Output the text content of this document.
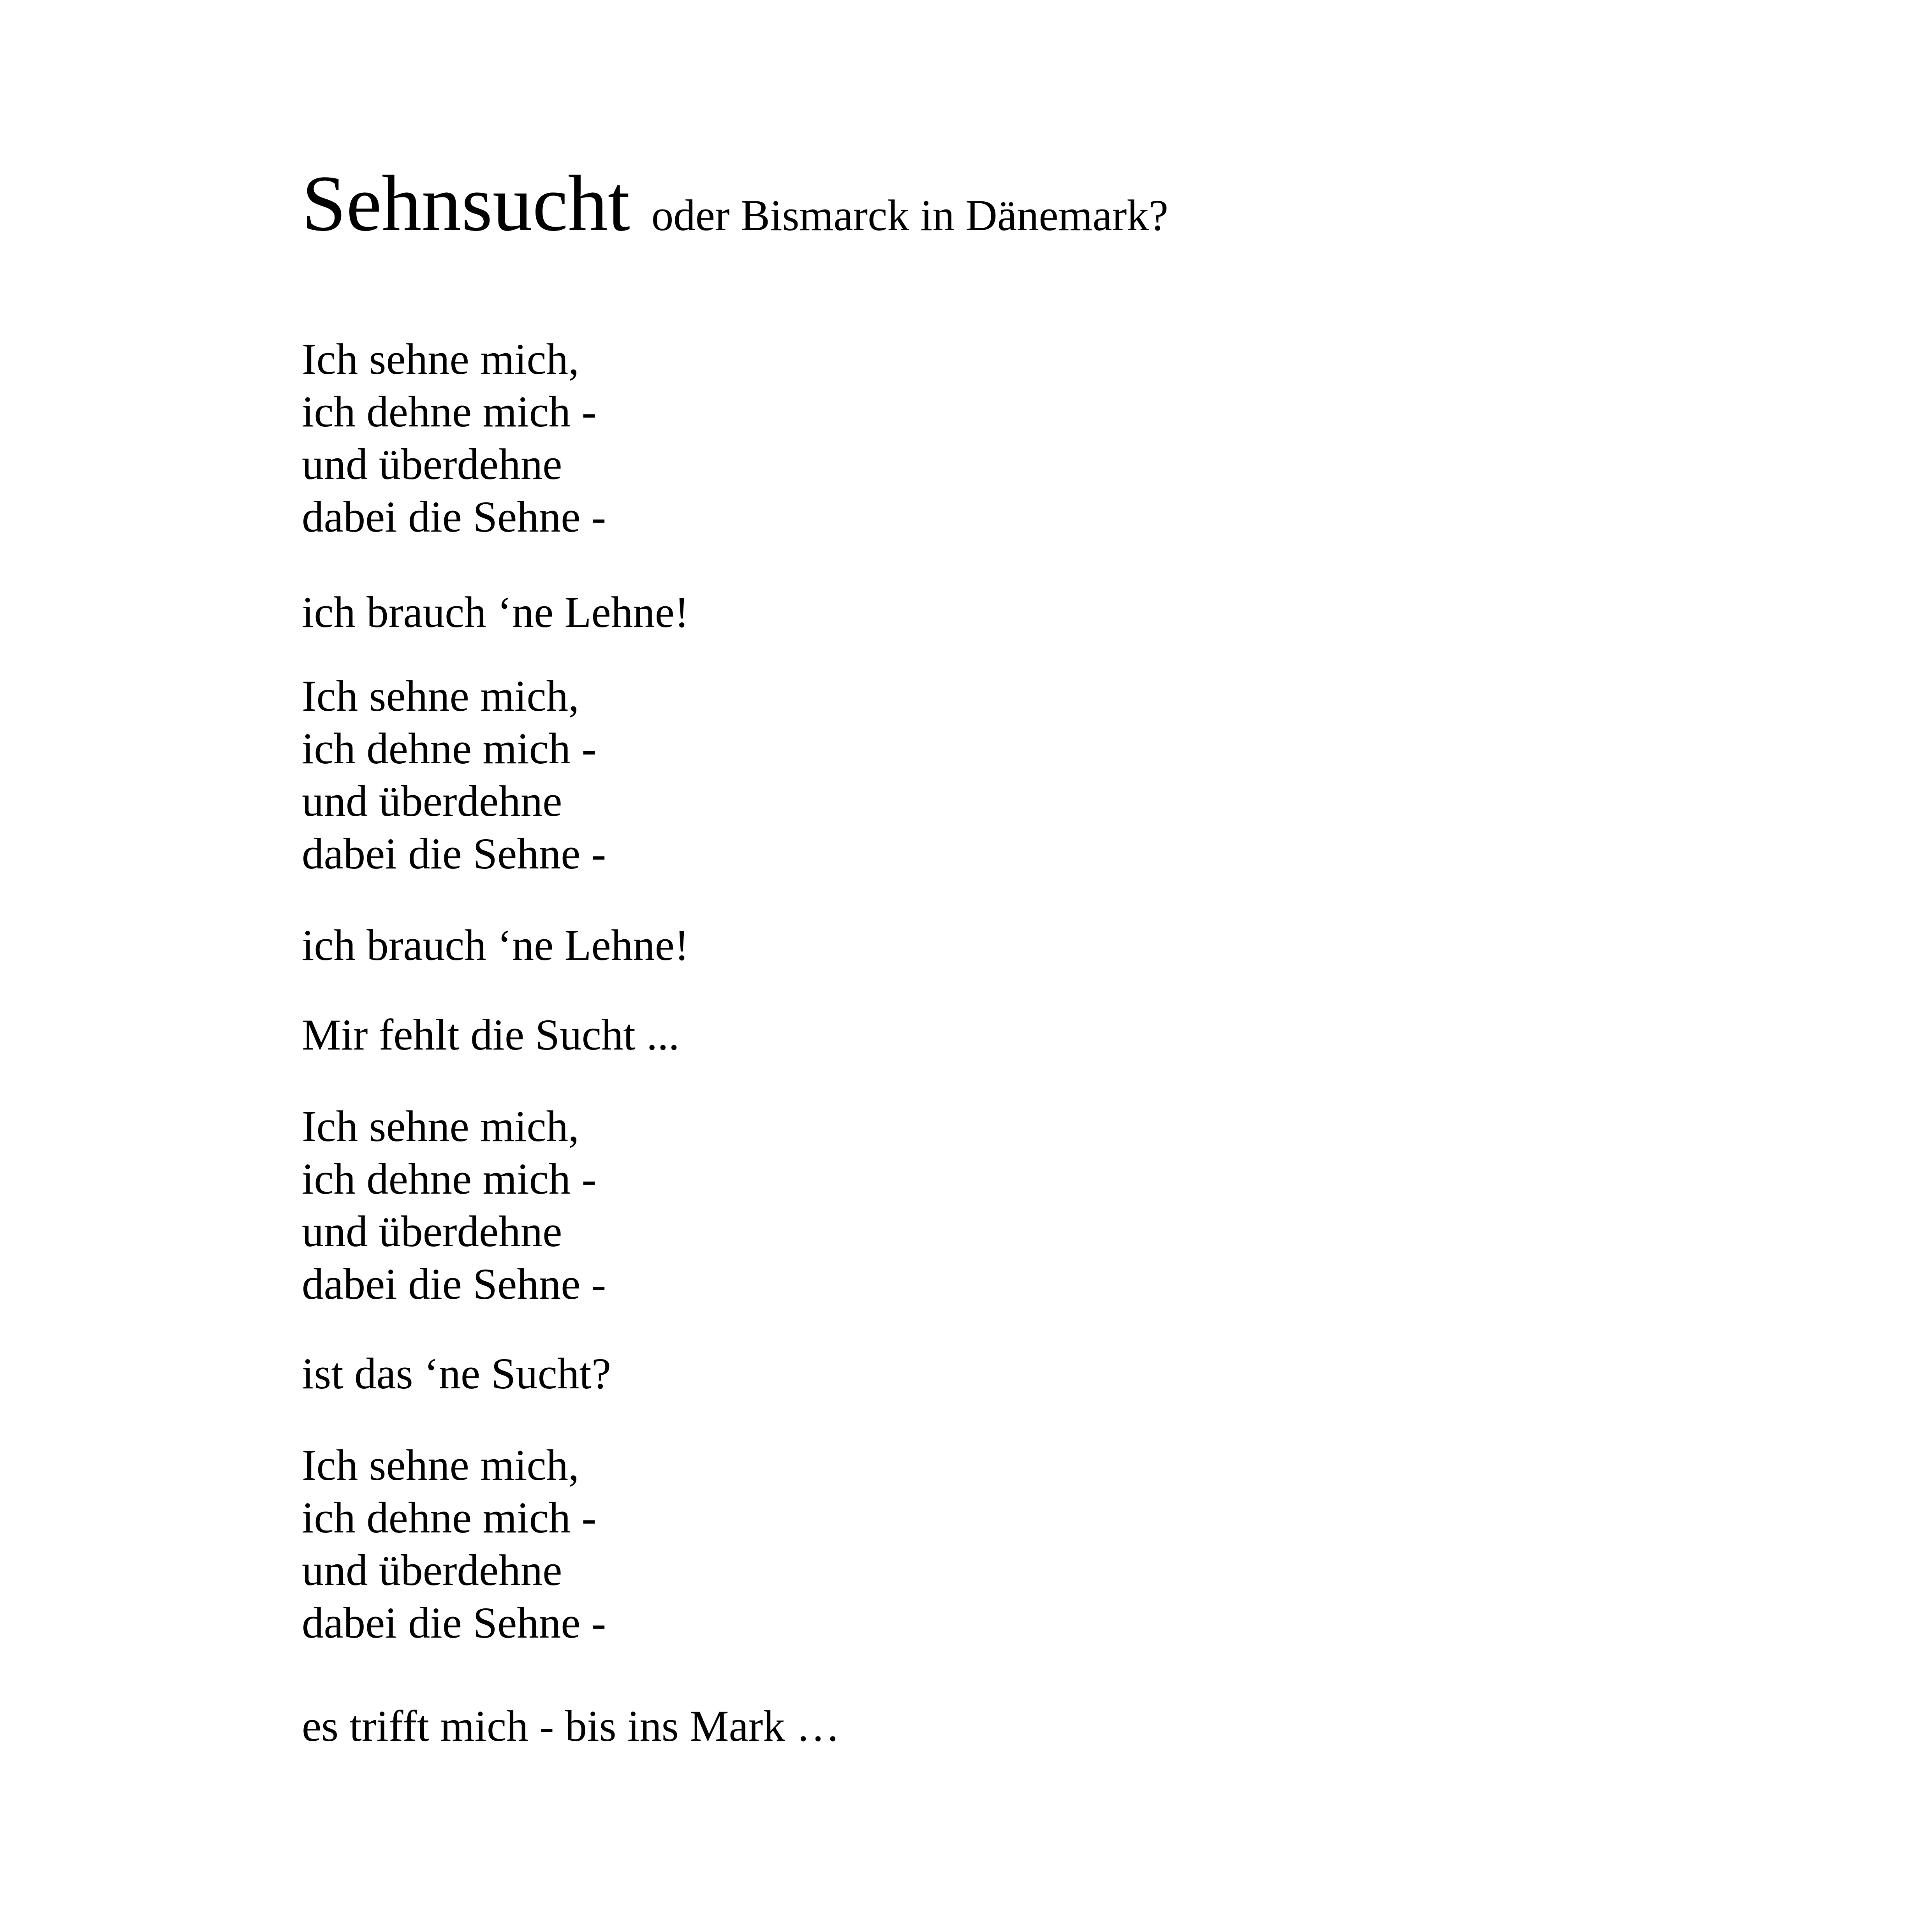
Sehnsucht oder Bismarck in Dänemark?

Ich sehne mich,
ich dehne mich -
und überdehne
dabei die Sehne -

ich brauch ‘ne Lehne!

Ich sehne mich,
ich dehne mich -
und überdehne
dabei die Sehne -

ich brauch ‘ne Lehne!

Mir fehlt die Sucht ...

Ich sehne mich,
ich dehne mich -
und überdehne
dabei die Sehne -

ist das ‘ne Sucht?

Ich sehne mich,
ich dehne mich -
und überdehne
dabei die Sehne -

es trifft mich - bis ins Mark …
